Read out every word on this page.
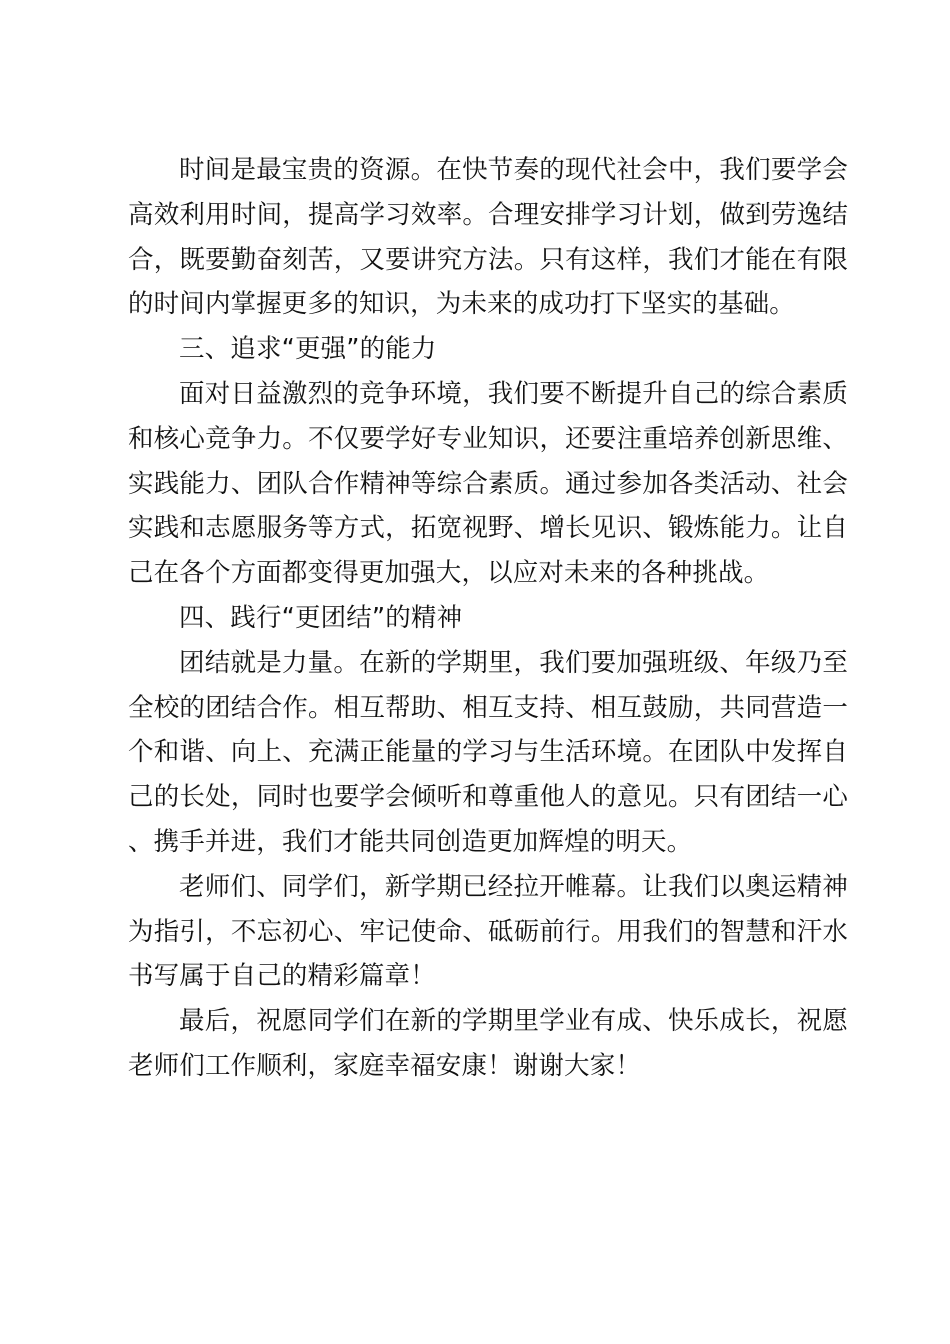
时间是最宝贵的资源。在快节奏的现代社会中，我们要学会高效利用时间，提高学习效率。合理安排学习计划，做到劳逸结合，既要勤奋刻苦，又要讲究方法。只有这样，我们才能在有限的时间内掌握更多的知识，为未来的成功打下坚实的基础。

三、追求“更强”的能力

面对日益激烈的竞争环境，我们要不断提升自己的综合素质和核心竞争力。不仅要学好专业知识，还要注重培养创新思维、实践能力、团队合作精神等综合素质。通过参加各类活动、社会实践和志愿服务等方式，拓宽视野、增长见识、锻炼能力。让自己在各个方面都变得更加强大，以应对未来的各种挑战。

四、践行“更团结”的精神

团结就是力量。在新的学期里，我们要加强班级、年级乃至全校的团结合作。相互帮助、相互支持、相互鼓励，共同营造一个和谐、向上、充满正能量的学习与生活环境。在团队中发挥自己的长处，同时也要学会倾听和尊重他人的意见。只有团结一心、携手并进，我们才能共同创造更加辉煌的明天。

老师们、同学们，新学期已经拉开帷幕。让我们以奥运精神为指引，不忘初心、牢记使命、砥砺前行。用我们的智慧和汗水书写属于自己的精彩篇章！

最后，祝愿同学们在新的学期里学业有成、快乐成长，祝愿老师们工作顺利，家庭幸福安康！谢谢大家！
